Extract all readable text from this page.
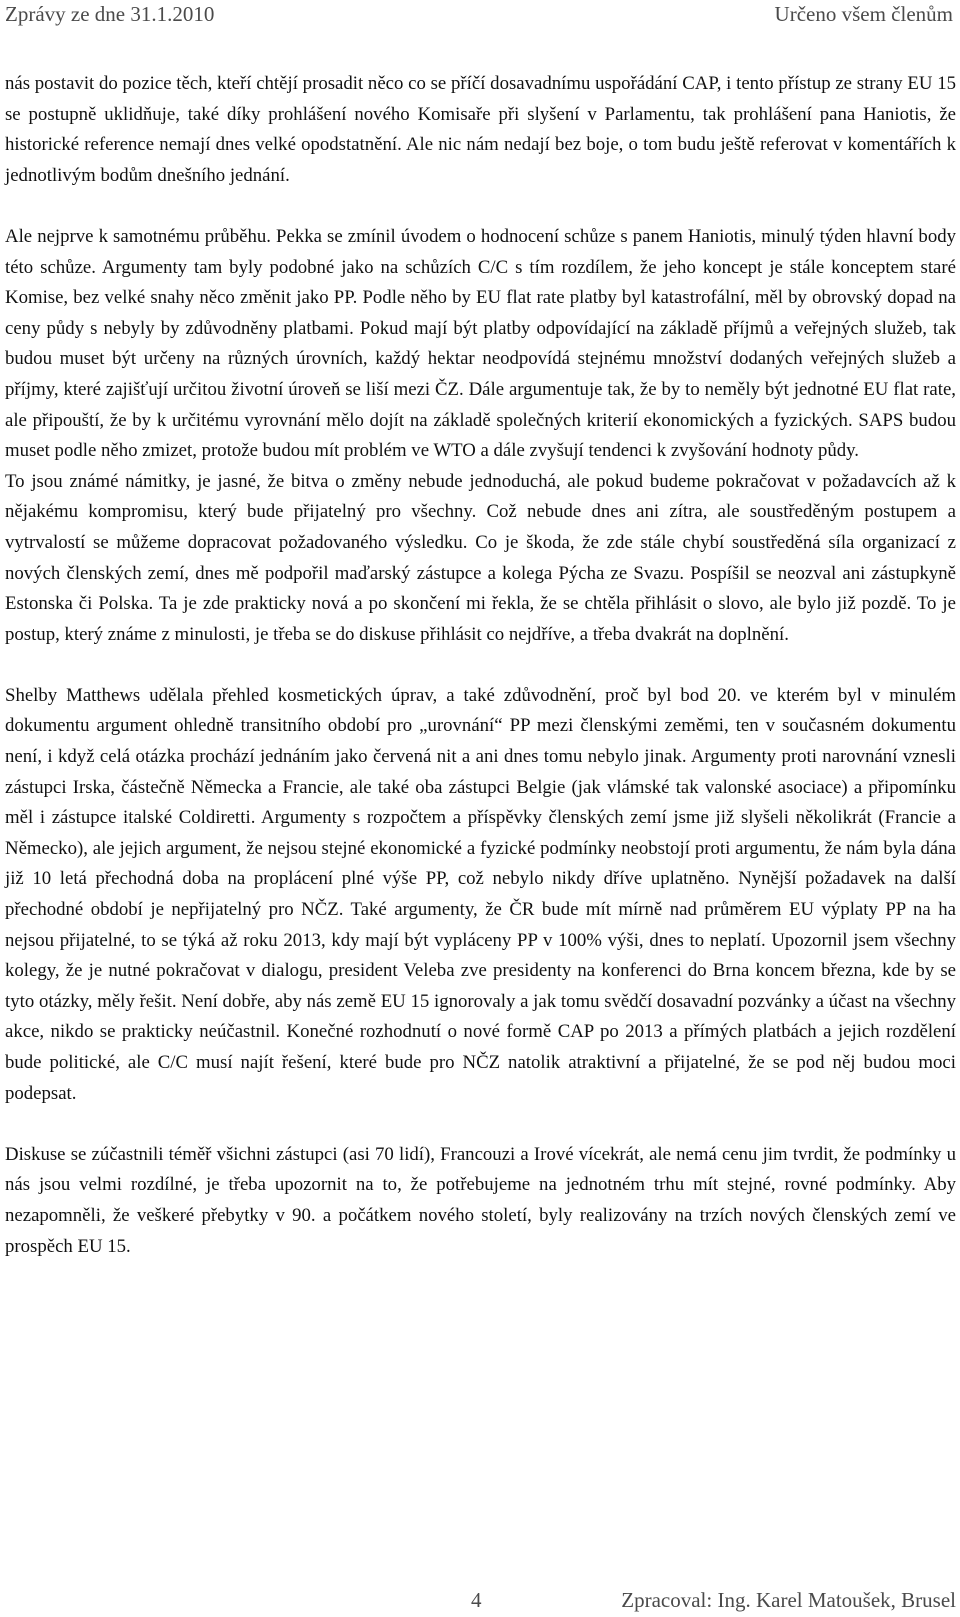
Zprávy ze dne 31.1.2010	Určeno všem členům

nás postavit do pozice těch, kteří chtějí prosadit něco co se příčí dosavadnímu uspořádání CAP, i tento přístup ze strany EU 15 se postupně uklidňuje, také díky prohlášení nového Komisaře při slyšení v Parlamentu, tak prohlášení pana Haniotis, že historické reference nemají dnes velké opodstatnění. Ale nic nám nedají bez boje, o tom budu ještě referovat v komentářích k jednotlivým bodům dnešního jednání.

Ale nejprve k samotnému průběhu. Pekka se zmínil úvodem o hodnocení schůze s panem Haniotis, minulý týden hlavní body této schůze. Argumenty tam byly podobné jako na schůzích C/C s tím rozdílem, že jeho koncept je stále konceptem staré Komise, bez velké snahy něco změnit jako PP. Podle něho by EU flat rate platby byl katastrofální, měl by obrovský dopad na ceny půdy s nebyly by zdůvodněny platbami. Pokud mají být platby odpovídající na základě příjmů a veřejných služeb, tak budou muset být určeny na různých úrovních, každý hektar neodpovídá stejnému množství dodaných veřejných služeb a příjmy, které zajišťují určitou životní úroveň se liší mezi ČZ. Dále argumentuje tak, že by to neměly být jednotné EU flat rate, ale připouští, že by k určitému vyrovnání mělo dojít na základě společných kriterií ekonomických a fyzických. SAPS budou muset podle něho zmizet, protože budou mít problém ve WTO a dále zvyšují tendenci k zvyšování hodnoty půdy.

To jsou známé námitky, je jasné, že bitva o změny nebude jednoduchá, ale pokud budeme pokračovat v požadavcích až k nějakému kompromisu, který bude přijatelný pro všechny. Což nebude dnes ani zítra, ale soustředěným postupem a vytrvalostí se můžeme dopracovat požadovaného výsledku. Co je škoda, že zde stále chybí soustředěná síla organizací z nových členských zemí, dnes mě podpořil maďarský zástupce a kolega Pýcha ze Svazu. Pospíšil se neozval ani zástupkyně Estonska či Polska. Ta je zde prakticky nová a po skončení mi řekla, že se chtěla přihlásit o slovo, ale bylo již pozdě. To je postup, který známe z minulosti, je třeba se do diskuse přihlásit co nejdříve, a třeba dvakrát na doplnění.

Shelby Matthews udělala přehled kosmetických úprav, a také zdůvodnění, proč byl bod 20. ve kterém byl v minulém dokumentu argument ohledně transitního období pro „urovnání“ PP mezi členskými zeměmi, ten v současném dokumentu není, i když celá otázka prochází jednáním jako červená nit a ani dnes tomu nebylo jinak. Argumenty proti narovnání vznesli zástupci Irska, částečně Německa a Francie, ale také oba zástupci Belgie (jak vlámské tak valonské asociace) a připomínku měl i zástupce italské Coldiretti. Argumenty s rozpočtem a příspěvky členských zemí jsme již slyšeli několikrát (Francie a Německo), ale jejich argument, že nejsou stejné ekonomické a fyzické podmínky neobstojí proti argumentu, že nám byla dána již 10 letá přechodná doba na proplácení plné výše PP, což nebylo nikdy dříve uplatněno. Nynější požadavek na další přechodné období je nepřijatelný pro NČZ. Také argumenty, že ČR bude mít mírně nad průměrem EU výplaty PP na ha nejsou přijatelné, to se týká až roku 2013, kdy mají být vypláceny PP v 100% výši, dnes to neplatí. Upozornil jsem všechny kolegy, že je nutné pokračovat v dialogu, president Veleba zve presidenty na konferenci do Brna koncem března, kde by se tyto otázky, měly řešit. Není dobře, aby nás země EU 15 ignorovaly a jak tomu svědčí dosavadní pozvánky a účast na všechny akce, nikdo se prakticky neúčastnil. Konečné rozhodnutí o nové formě CAP po 2013 a přímých platbách a jejich rozdělení bude politické, ale C/C musí najít řešení, které bude pro NČZ natolik atraktivní a přijatelné, že se pod něj budou moci podepsat.

Diskuse se zúčastnili téměř všichni zástupci (asi 70 lidí), Francouzi a Irové vícekrát, ale nemá cenu jim tvrdit, že podmínky u nás jsou velmi rozdílné, je třeba upozornit na to, že potřebujeme na jednotném trhu mít stejné, rovné podmínky. Aby nezapomněli, že veškeré přebytky v 90. a počátkem nového století, byly realizovány na trzích nových členských zemí ve prospěch EU 15.

4	Zpracoval: Ing. Karel Matoušek, Brusel
